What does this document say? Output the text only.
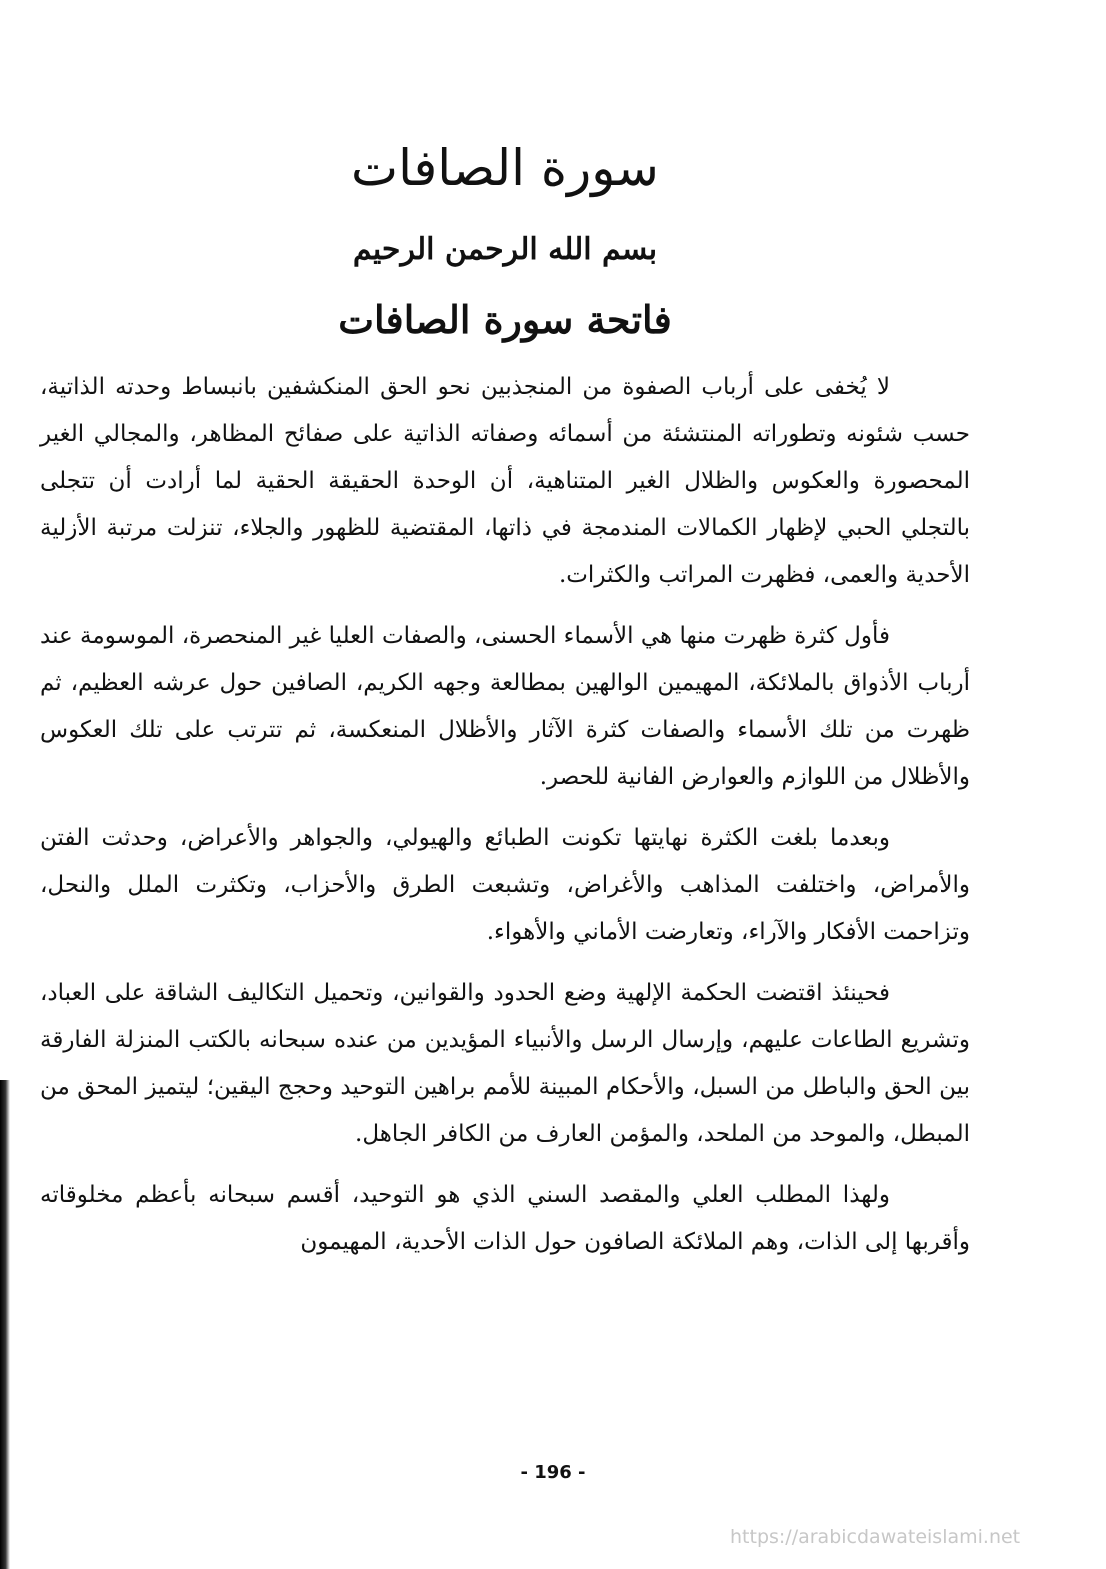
سورة الصافات
بسم الله الرحمن الرحيم
فاتحة سورة الصافات

لا يُخفى على أرباب الصفوة من المنجذبين نحو الحق المنكشفين بانبساط وحدته الذاتية، حسب شئونه وتطوراته المنتشئة من أسمائه وصفاته الذاتية على صفائح المظاهر، والمجالي الغير المحصورة والعكوس والظلال الغير المتناهية، أن الوحدة الحقيقة الحقية لما أرادت أن تتجلى بالتجلي الحبي لإظهار الكمالات المندمجة في ذاتها، المقتضية للظهور والجلاء، تنزلت مرتبة الأزلية الأحدية والعمى، فظهرت المراتب والكثرات.

فأول كثرة ظهرت منها هي الأسماء الحسنى، والصفات العليا غير المنحصرة، الموسومة عند أرباب الأذواق بالملائكة، المهيمين الوالهين بمطالعة وجهه الكريم، الصافين حول عرشه العظيم، ثم ظهرت من تلك الأسماء والصفات كثرة الآثار والأظلال المنعكسة، ثم تترتب على تلك العكوس والأظلال من اللوازم والعوارض الفانية للحصر.

وبعدما بلغت الكثرة نهايتها تكونت الطبائع والهيولي، والجواهر والأعراض، وحدثت الفتن والأمراض، واختلفت المذاهب والأغراض، وتشبعت الطرق والأحزاب، وتكثرت الملل والنحل، وتزاحمت الأفكار والآراء، وتعارضت الأماني والأهواء.

فحينئذ اقتضت الحكمة الإلهية وضع الحدود والقوانين، وتحميل التكاليف الشاقة على العباد، وتشريع الطاعات عليهم، وإرسال الرسل والأنبياء المؤيدين من عنده سبحانه بالكتب المنزلة الفارقة بين الحق والباطل من السبل، والأحكام المبينة للأمم براهين التوحيد وحجج اليقين؛ ليتميز المحق من المبطل، والموحد من الملحد، والمؤمن العارف من الكافر الجاهل.

ولهذا المطلب العلي والمقصد السني الذي هو التوحيد، أقسم سبحانه بأعظم مخلوقاته وأقربها إلى الذات، وهم الملائكة الصافون حول الذات الأحدية، المهيمون

- 196 -
https://arabicdawateislami.net
